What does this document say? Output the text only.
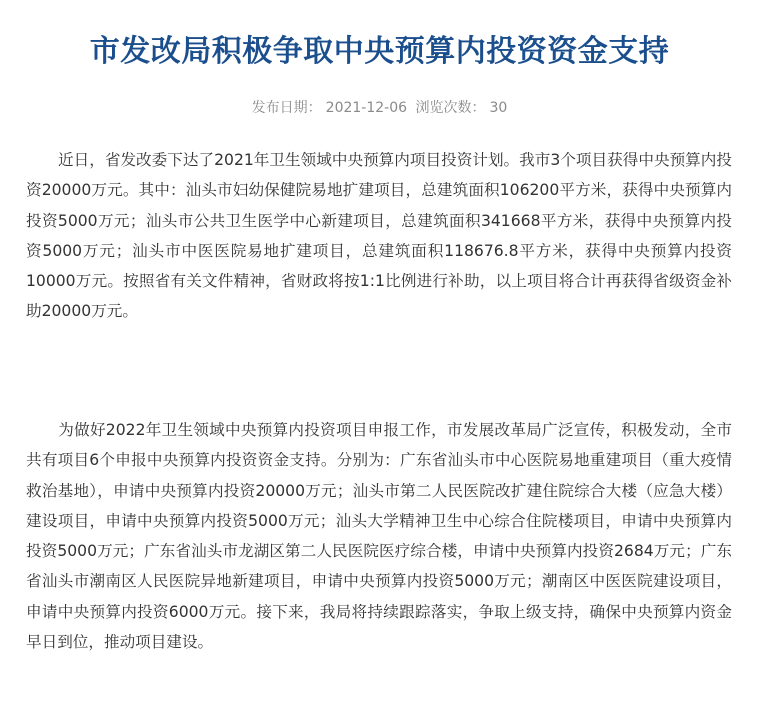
市发改局积极争取中央预算内投资资金支持
发布日期： 2021-12-06 浏览次数： 30
近日，省发改委下达了2021年卫生领域中央预算内项目投资计划。我市3个项目获得中央预算内投资20000万元。其中：汕头市妇幼保健院易地扩建项目，总建筑面积106200平方米，获得中央预算内投资5000万元；汕头市公共卫生医学中心新建项目，总建筑面积341668平方米，获得中央预算内投资5000万元；汕头市中医医院易地扩建项目，总建筑面积118676.8平方米，获得中央预算内投资10000万元。按照省有关文件精神，省财政将按1:1比例进行补助，以上项目将合计再获得省级资金补助20000万元。
为做好2022年卫生领域中央预算内投资项目申报工作，市发展改革局广泛宣传，积极发动，全市共有项目6个申报中央预算内投资资金支持。分别为：广东省汕头市中心医院易地重建项目（重大疫情救治基地），申请中央预算内投资20000万元；汕头市第二人民医院改扩建住院综合大楼（应急大楼）建设项目，申请中央预算内投资5000万元；汕头大学精神卫生中心综合住院楼项目，申请中央预算内投资5000万元；广东省汕头市龙湖区第二人民医院医疗综合楼，申请中央预算内投资2684万元；广东省汕头市潮南区人民医院异地新建项目，申请中央预算内投资5000万元；潮南区中医医院建设项目，申请中央预算内投资6000万元。接下来，我局将持续跟踪落实，争取上级支持，确保中央预算内资金早日到位，推动项目建设。
